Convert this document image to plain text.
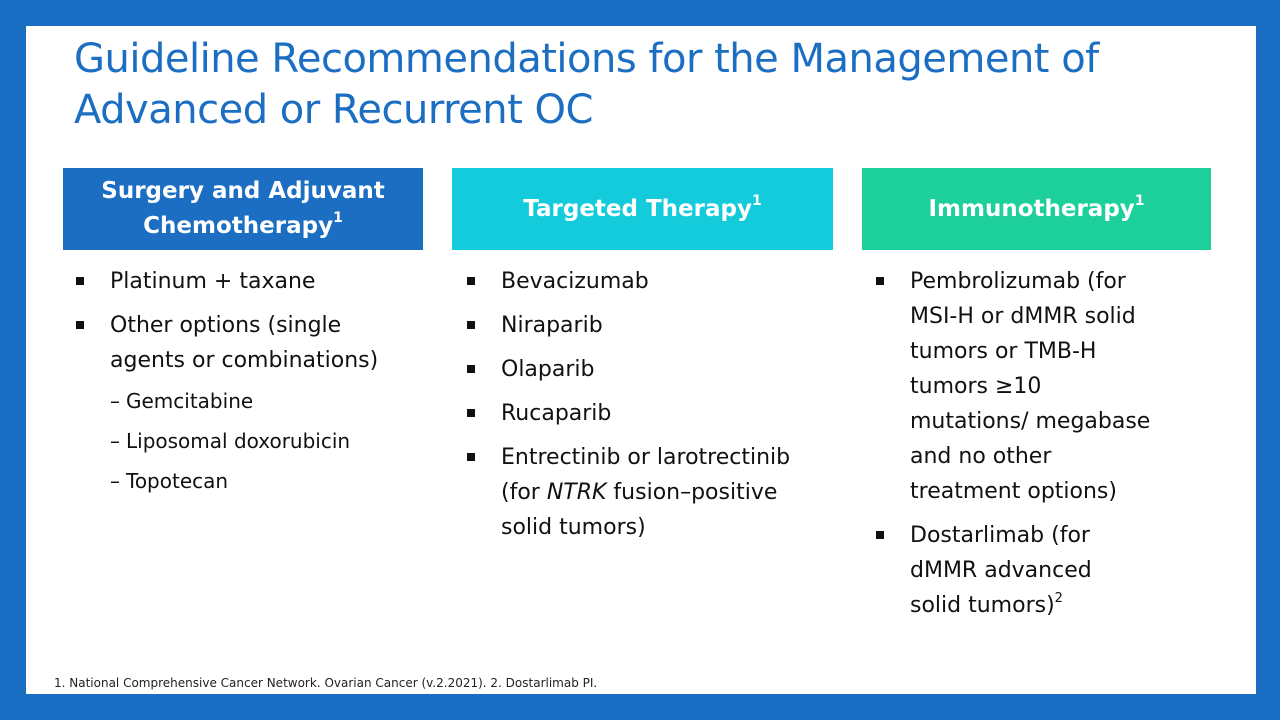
Guideline Recommendations for the Management of Advanced or Recurrent OC
Surgery and Adjuvant Chemotherapy$^1$	Targeted Therapy$^1$	Immunotherapy$^1$
Platinum + taxane
Other options (single agents or combinations)
– Gemcitabine
– Liposomal doxorubicin
– Topotecan
Bevacizumab
Niraparib
Olaparib
Rucaparib
Entrectinib or larotrectinib (for NTRK fusion–positive solid tumors)
Pembrolizumab (for MSI-H or dMMR solid tumors or TMB-H tumors ≥10 mutations/ megabase and no other treatment options)
Dostarlimab (for dMMR advanced solid tumors)$^2$
1. National Comprehensive Cancer Network. Ovarian Cancer (v.2.2021). 2. Dostarlimab PI.
